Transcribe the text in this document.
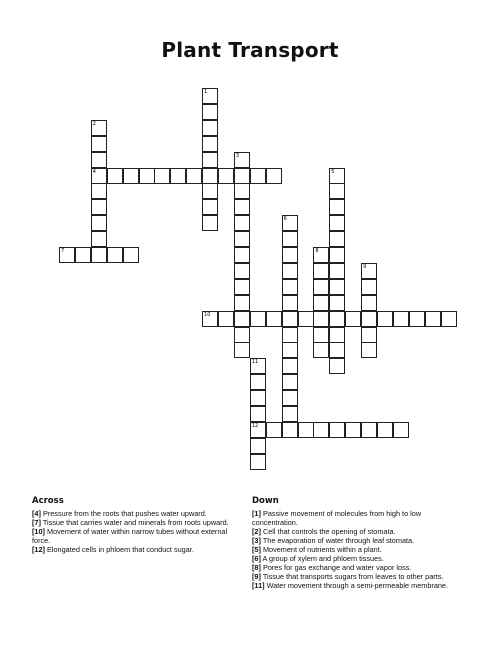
Plant Transport
1
2
4
3
5
6
7	8
9
10
11
12
Across
[4] Pressure from the roots that pushes water upward.
[7] Tissue that carries water and minerals from roots upward.
[10] Movement of water within narrow tubes without external force.
[12] Elongated cells in phloem that conduct sugar.
Down
[1] Passive movement of molecules from high to low concentration.
[2] Cell that controls the opening of stomata.
[3] The evaporation of water through leaf stomata.
[5] Movement of nutrients within a plant.
[6] A group of xylem and phloem tissues.
[8] Pores for gas exchange and water vapor loss.
[9] Tissue that transports sugars from leaves to other parts.
[11] Water movement through a semi-permeable membrane.
